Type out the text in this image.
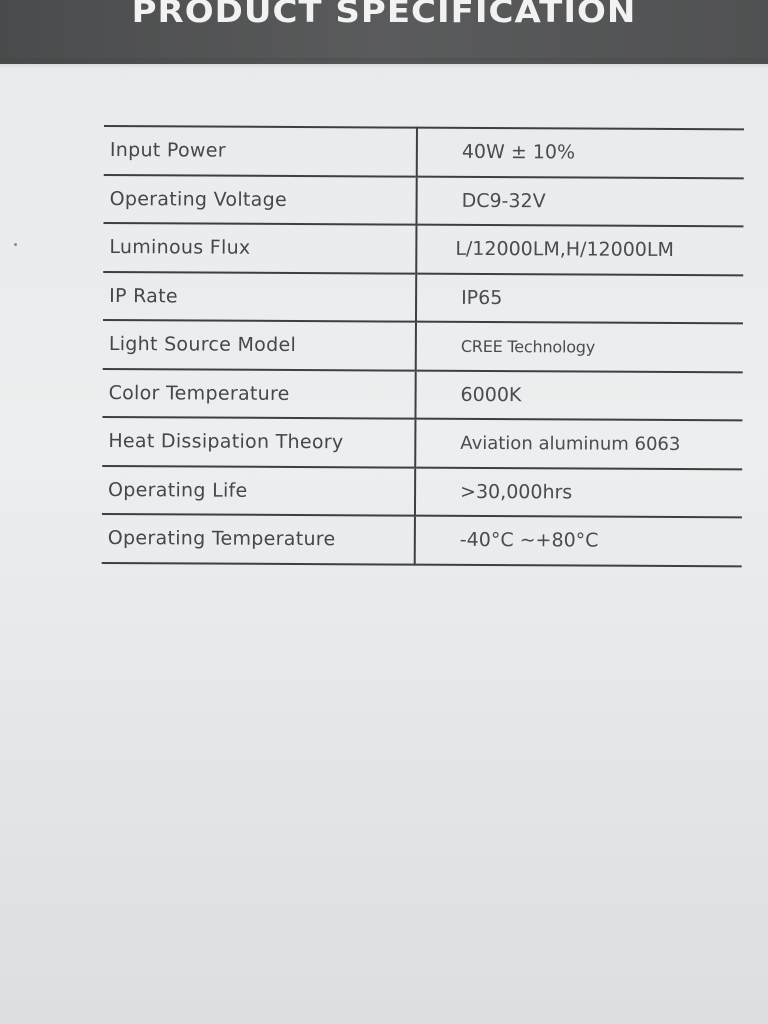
PRODUCT SPECIFICATION
Input Power	40W ± 10%
Operating Voltage	DC9-32V
Luminous Flux	L/12000LM,H/12000LM
IP Rate	IP65
Light Source Model	CREE Technology
Color Temperature	6000K
Heat Dissipation Theory	Aviation aluminum 6063
Operating Life	>30,000hrs
Operating Temperature	-40°C ~+80°C
